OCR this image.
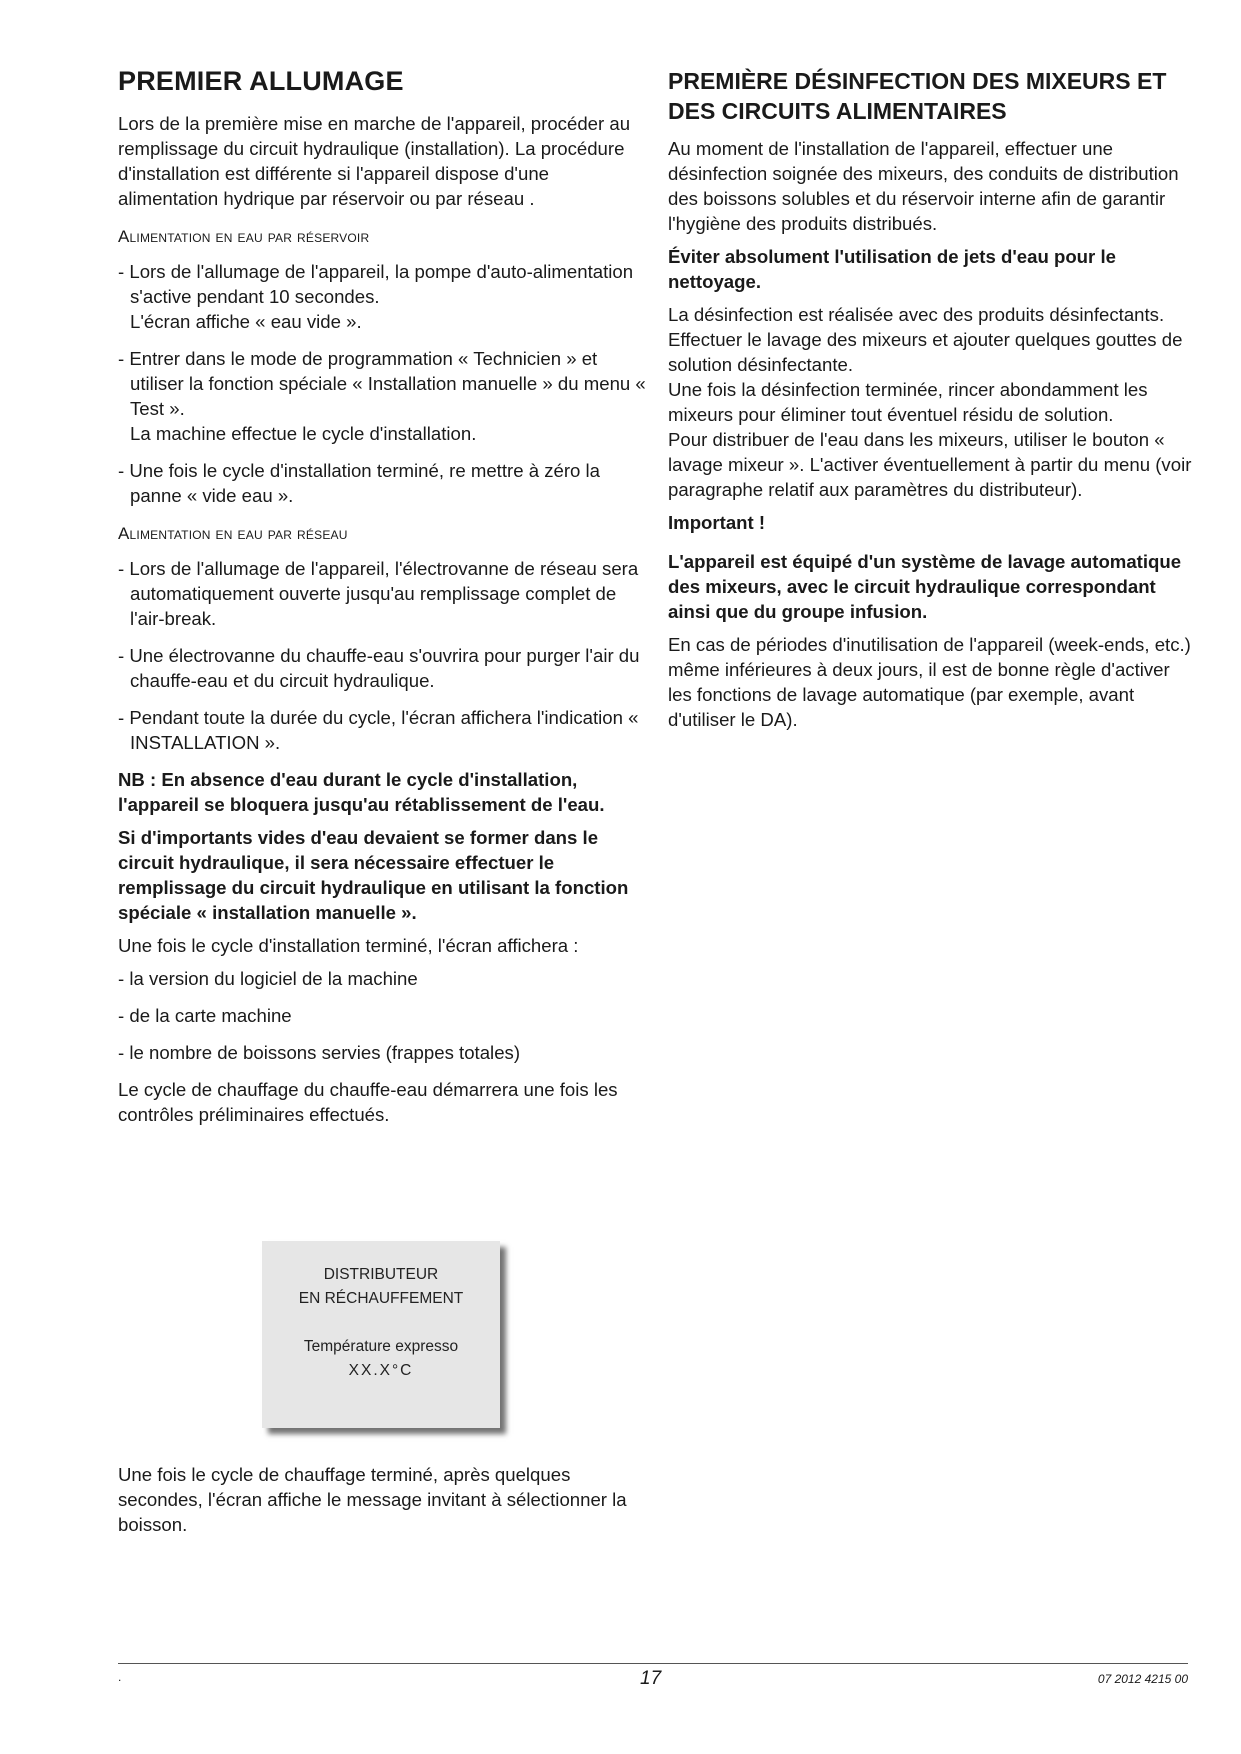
PREMIER ALLUMAGE

Lors de la première mise en marche de l'appareil, procéder au remplissage du circuit hydraulique (installation). La procédure d'installation est différente si l'appareil dispose d'une alimentation hydrique par réservoir ou par réseau .

Alimentation en eau par réservoir
- Lors de l'allumage de l'appareil, la pompe d'auto-alimentation s'active pendant 10 secondes.
L'écran affiche « eau vide ».
- Entrer dans le mode de programmation « Technicien » et utiliser la fonction spéciale « Installation manuelle » du menu « Test ».
La machine effectue le cycle d'installation.
- Une fois le cycle d'installation terminé, re mettre à zéro la panne « vide eau ».
Alimentation en eau par réseau
- Lors de l'allumage de l'appareil, l'électrovanne de réseau sera automatiquement ouverte jusqu'au remplissage complet de l'air-break.
- Une électrovanne du chauffe-eau s'ouvrira pour purger l'air du chauffe-eau et du circuit hydraulique.
- Pendant toute la durée du cycle, l'écran affichera l'indication « INSTALLATION ».

NB : En absence d'eau durant le cycle d'installation, l'appareil se bloquera jusqu'au rétablissement de l'eau.

Si d'importants vides d'eau devaient se former dans le circuit hydraulique, il sera nécessaire effectuer le remplissage du circuit hydraulique en utilisant la fonction spéciale « installation manuelle ».

Une fois le cycle d'installation terminé, l'écran affichera :

- la version du logiciel de la machine
- de la carte machine
- le nombre de boissons servies (frappes totales)

Le cycle de chauffage du chauffe-eau démarrera une fois les contrôles préliminaires effectués.

DISTRIBUTEUR

EN RÉCHAUFFEMENT

Température expresso

XX.X°C

Une fois le cycle de chauffage terminé, après quelques secondes, l'écran affiche le message invitant à sélectionner la boisson.

PREMIÈRE DÉSINFECTION DES MIXEURS ET DES CIRCUITS ALIMENTAIRES

Au moment de l'installation de l'appareil, effectuer une désinfection soignée des mixeurs, des conduits de distribution des boissons solubles et du réservoir interne afin de garantir l'hygiène des produits distribués.

Éviter absolument l'utilisation de jets d'eau pour le nettoyage.

La désinfection est réalisée avec des produits désinfectants.

Effectuer le lavage des mixeurs et ajouter quelques gouttes de solution désinfectante.

Une fois la désinfection terminée, rincer abondamment les mixeurs pour éliminer tout éventuel résidu de solution.

Pour distribuer de l'eau dans les mixeurs, utiliser le bouton « lavage mixeur ». L'activer éventuellement à partir du menu (voir paragraphe relatif aux paramètres du distributeur).

Important !

L'appareil est équipé d'un système de lavage automatique des mixeurs, avec le circuit hydraulique correspondant ainsi que du groupe infusion.

En cas de périodes d'inutilisation de l'appareil (week-ends, etc.) même inférieures à deux jours, il est de bonne règle d'activer les fonctions de lavage automatique (par exemple, avant d'utiliser le DA).

.	17	07 2012 4215 00
